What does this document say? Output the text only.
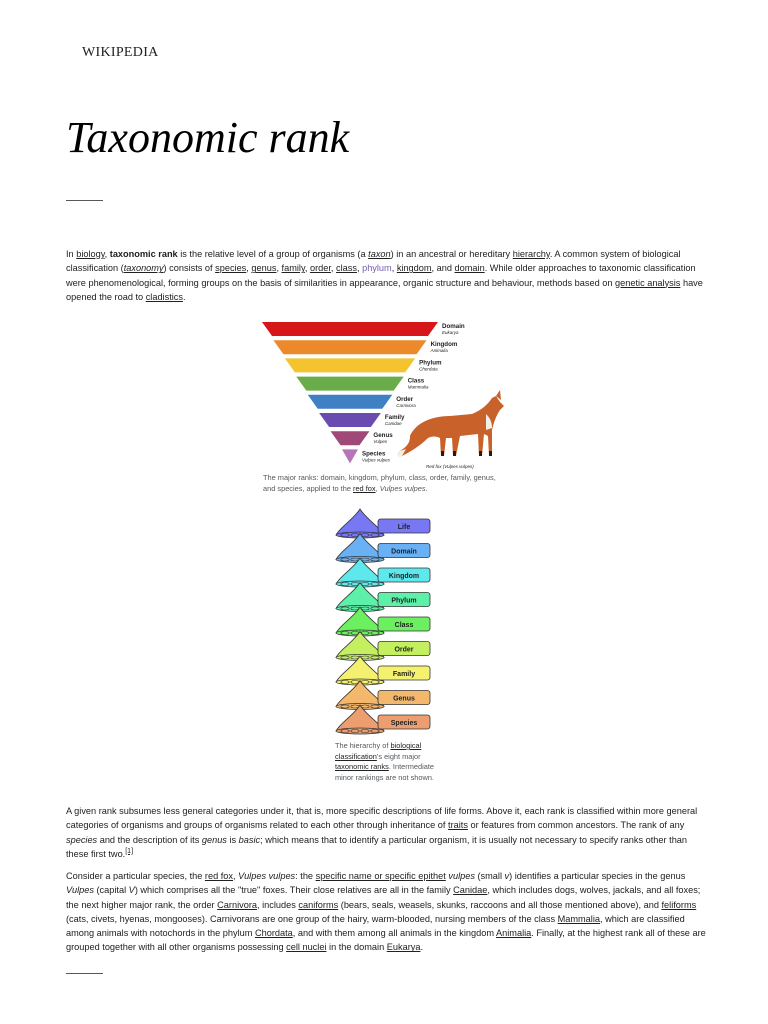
WIKIPEDIA
Taxonomic rank

In biology, taxonomic rank is the relative level of a group of organisms (a taxon) in an ancestral or hereditary hierarchy. A common system of biological classification (taxonomy) consists of species, genus, family, order, class, phylum, kingdom, and domain. While older approaches to taxonomic classification were phenomenological, forming groups on the basis of similarities in appearance, organic structure and behaviour, methods based on genetic analysis have opened the road to cladistics.

Domain
Eukarya
Kingdom
Animalia
Phylum
Chordata
Class
Mammalia
Order
Carnivora
Family
Canidae
Genus
Vulpes
Species
Vulpes vulpes
Red fox (Vulpes vulpes)

The major ranks: domain, kingdom, phylum, class, order, family, genus, and species, applied to the red fox, Vulpes vulpes.

Life
Domain
Kingdom
Phylum
Class
Order
Family
Genus
Species

The hierarchy of biological classification's eight major taxonomic ranks. Intermediate minor rankings are not shown.

A given rank subsumes less general categories under it, that is, more specific descriptions of life forms. Above it, each rank is classified within more general categories of organisms and groups of organisms related to each other through inheritance of traits or features from common ancestors. The rank of any species and the description of its genus is basic; which means that to identify a particular organism, it is usually not necessary to specify ranks other than these first two.[1]

Consider a particular species, the red fox, Vulpes vulpes: the specific name or specific epithet vulpes (small v) identifies a particular species in the genus Vulpes (capital V) which comprises all the "true" foxes. Their close relatives are all in the family Canidae, which includes dogs, wolves, jackals, and all foxes; the next higher major rank, the order Carnivora, includes caniforms (bears, seals, weasels, skunks, raccoons and all those mentioned above), and feliforms (cats, civets, hyenas, mongooses). Carnivorans are one group of the hairy, warm-blooded, nursing members of the class Mammalia, which are classified among animals with notochords in the phylum Chordata, and with them among all animals in the kingdom Animalia. Finally, at the highest rank all of these are grouped together with all other organisms possessing cell nuclei in the domain Eukarya.
